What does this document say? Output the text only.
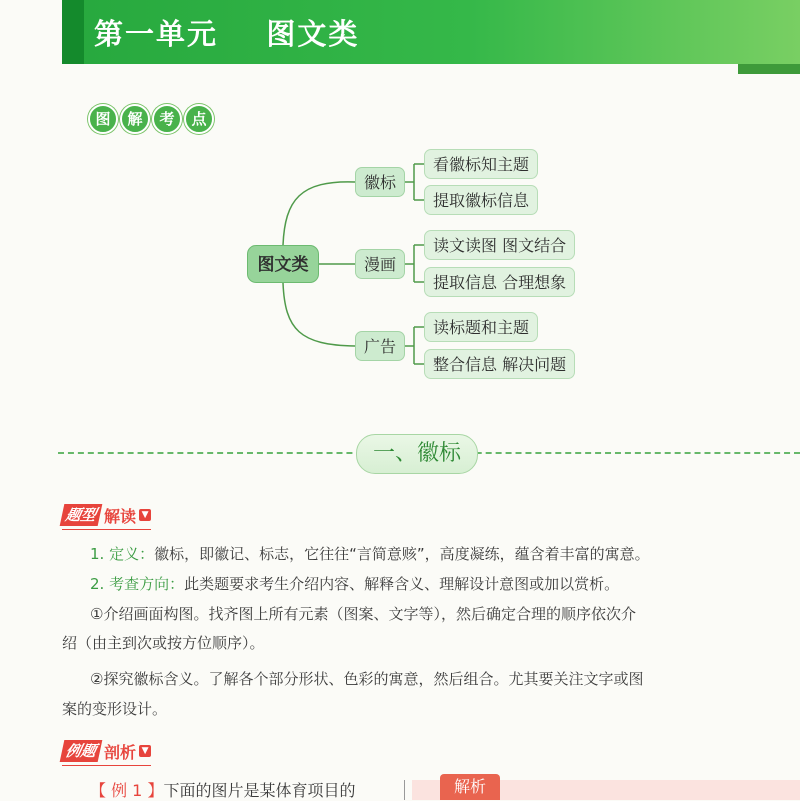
第一单元    图文类
图	解	考	点
图文类
徽标
看徽标知主题
提取徽标信息
漫画
读文读图 图文结合
提取信息 合理想象
广告
读标题和主题
整合信息 解决问题
一、徽标
题型 解读 ▼
1. 定义：徽标，即徽记、标志，它往往“言简意赅”，高度凝练，蕴含着丰富的寓意。
2. 考查方向：此类题要求考生介绍内容、解释含义、理解设计意图或加以赏析。
①介绍画面构图。找齐图上所有元素（图案、文字等），然后确定合理的顺序依次介
绍（由主到次或按方位顺序）。
②探究徽标含义。了解各个部分形状、色彩的寓意，然后组合。尤其要关注文字或图
案的变形设计。
例题 剖析 ▼
【 例 1 】下面的图片是某体育项目的	解析
